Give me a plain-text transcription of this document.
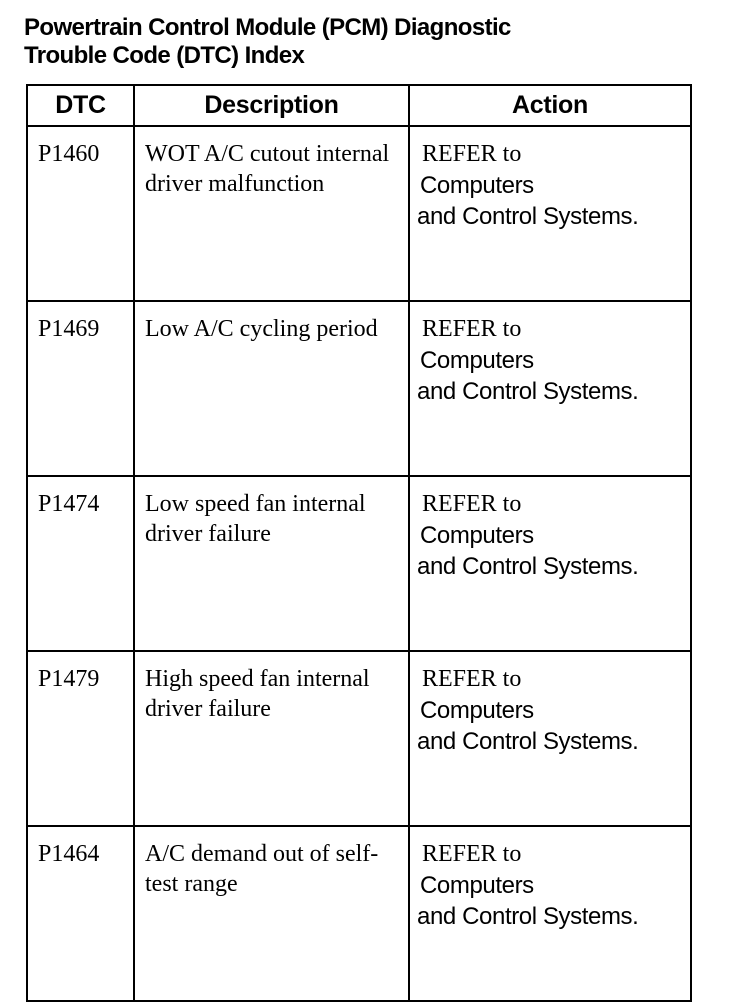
Powertrain Control Module (PCM) Diagnostic
Trouble Code (DTC) Index
DTC	Description	Action
P1460	WOT A/C cutout internal driver malfunction	REFER to
Computers
and Control Systems.

P1469	Low A/C cycling period	REFER to
Computers
and Control Systems.

P1474	Low speed fan internal driver failure	REFER to
Computers
and Control Systems.

P1479	High speed fan internal driver failure	REFER to
Computers
and Control Systems.

P1464	A/C demand out of self-test range	REFER to
Computers
and Control Systems.
